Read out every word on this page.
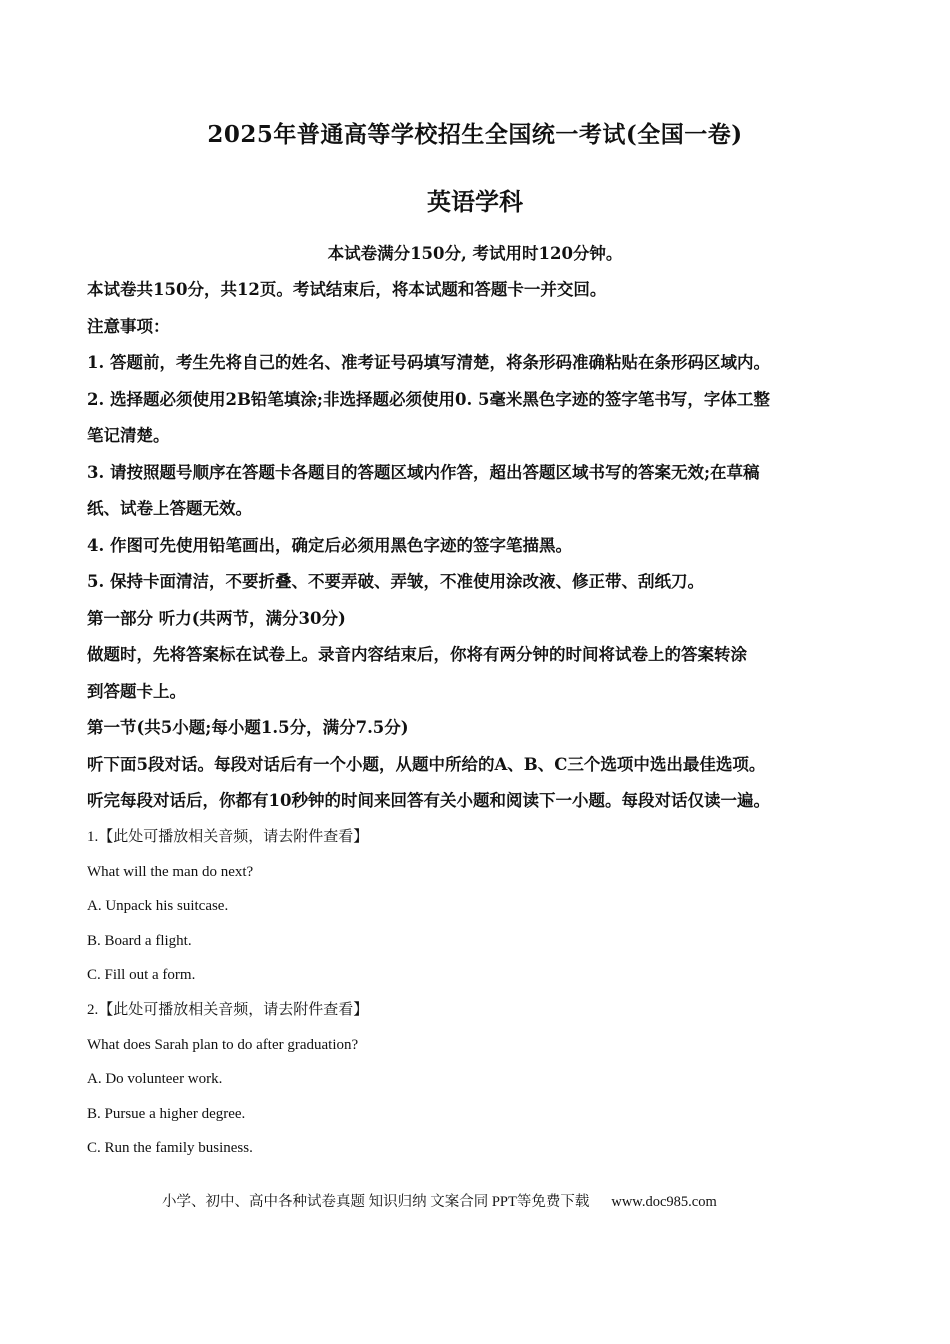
2025年普通高等学校招生全国统一考试(全国一卷)
英语学科
本试卷满分150分, 考试用时120分钟。
本试卷共150分，共12页。考试结束后，将本试题和答题卡一并交回。
注意事项：
1. 答题前，考生先将自己的姓名、准考证号码填写清楚，将条形码准确粘贴在条形码区域内。
2. 选择题必须使用2B铅笔填涂;非选择题必须使用0. 5毫米黑色字迹的签字笔书写，字体工整
笔记清楚。
3. 请按照题号顺序在答题卡各题目的答题区域内作答，超出答题区域书写的答案无效;在草稿
纸、试卷上答题无效。
4. 作图可先使用铅笔画出，确定后必须用黑色字迹的签字笔描黑。
5. 保持卡面清洁，不要折叠、不要弄破、弄皱，不准使用涂改液、修正带、刮纸刀。
第一部分 听力(共两节，满分30分)
做题时，先将答案标在试卷上。录音内容结束后，你将有两分钟的时间将试卷上的答案转涂
到答题卡上。
第一节(共5小题;每小题1.5分，满分7.5分)
听下面5段对话。每段对话后有一个小题，从题中所给的A、B、C三个选项中选出最佳选项。
听完每段对话后，你都有10秒钟的时间来回答有关小题和阅读下一小题。每段对话仅读一遍。
1.【此处可播放相关音频，请去附件查看】
What will the man do next?
A. Unpack his suitcase.
B. Board a flight.
C. Fill out a form.
2.【此处可播放相关音频，请去附件查看】
What does Sarah plan to do after graduation?
A. Do volunteer work.
B. Pursue a higher degree.
C. Run the family business.
小学、初中、高中各种试卷真题 知识归纳 文案合同 PPT等免费下载 www.doc985.com
